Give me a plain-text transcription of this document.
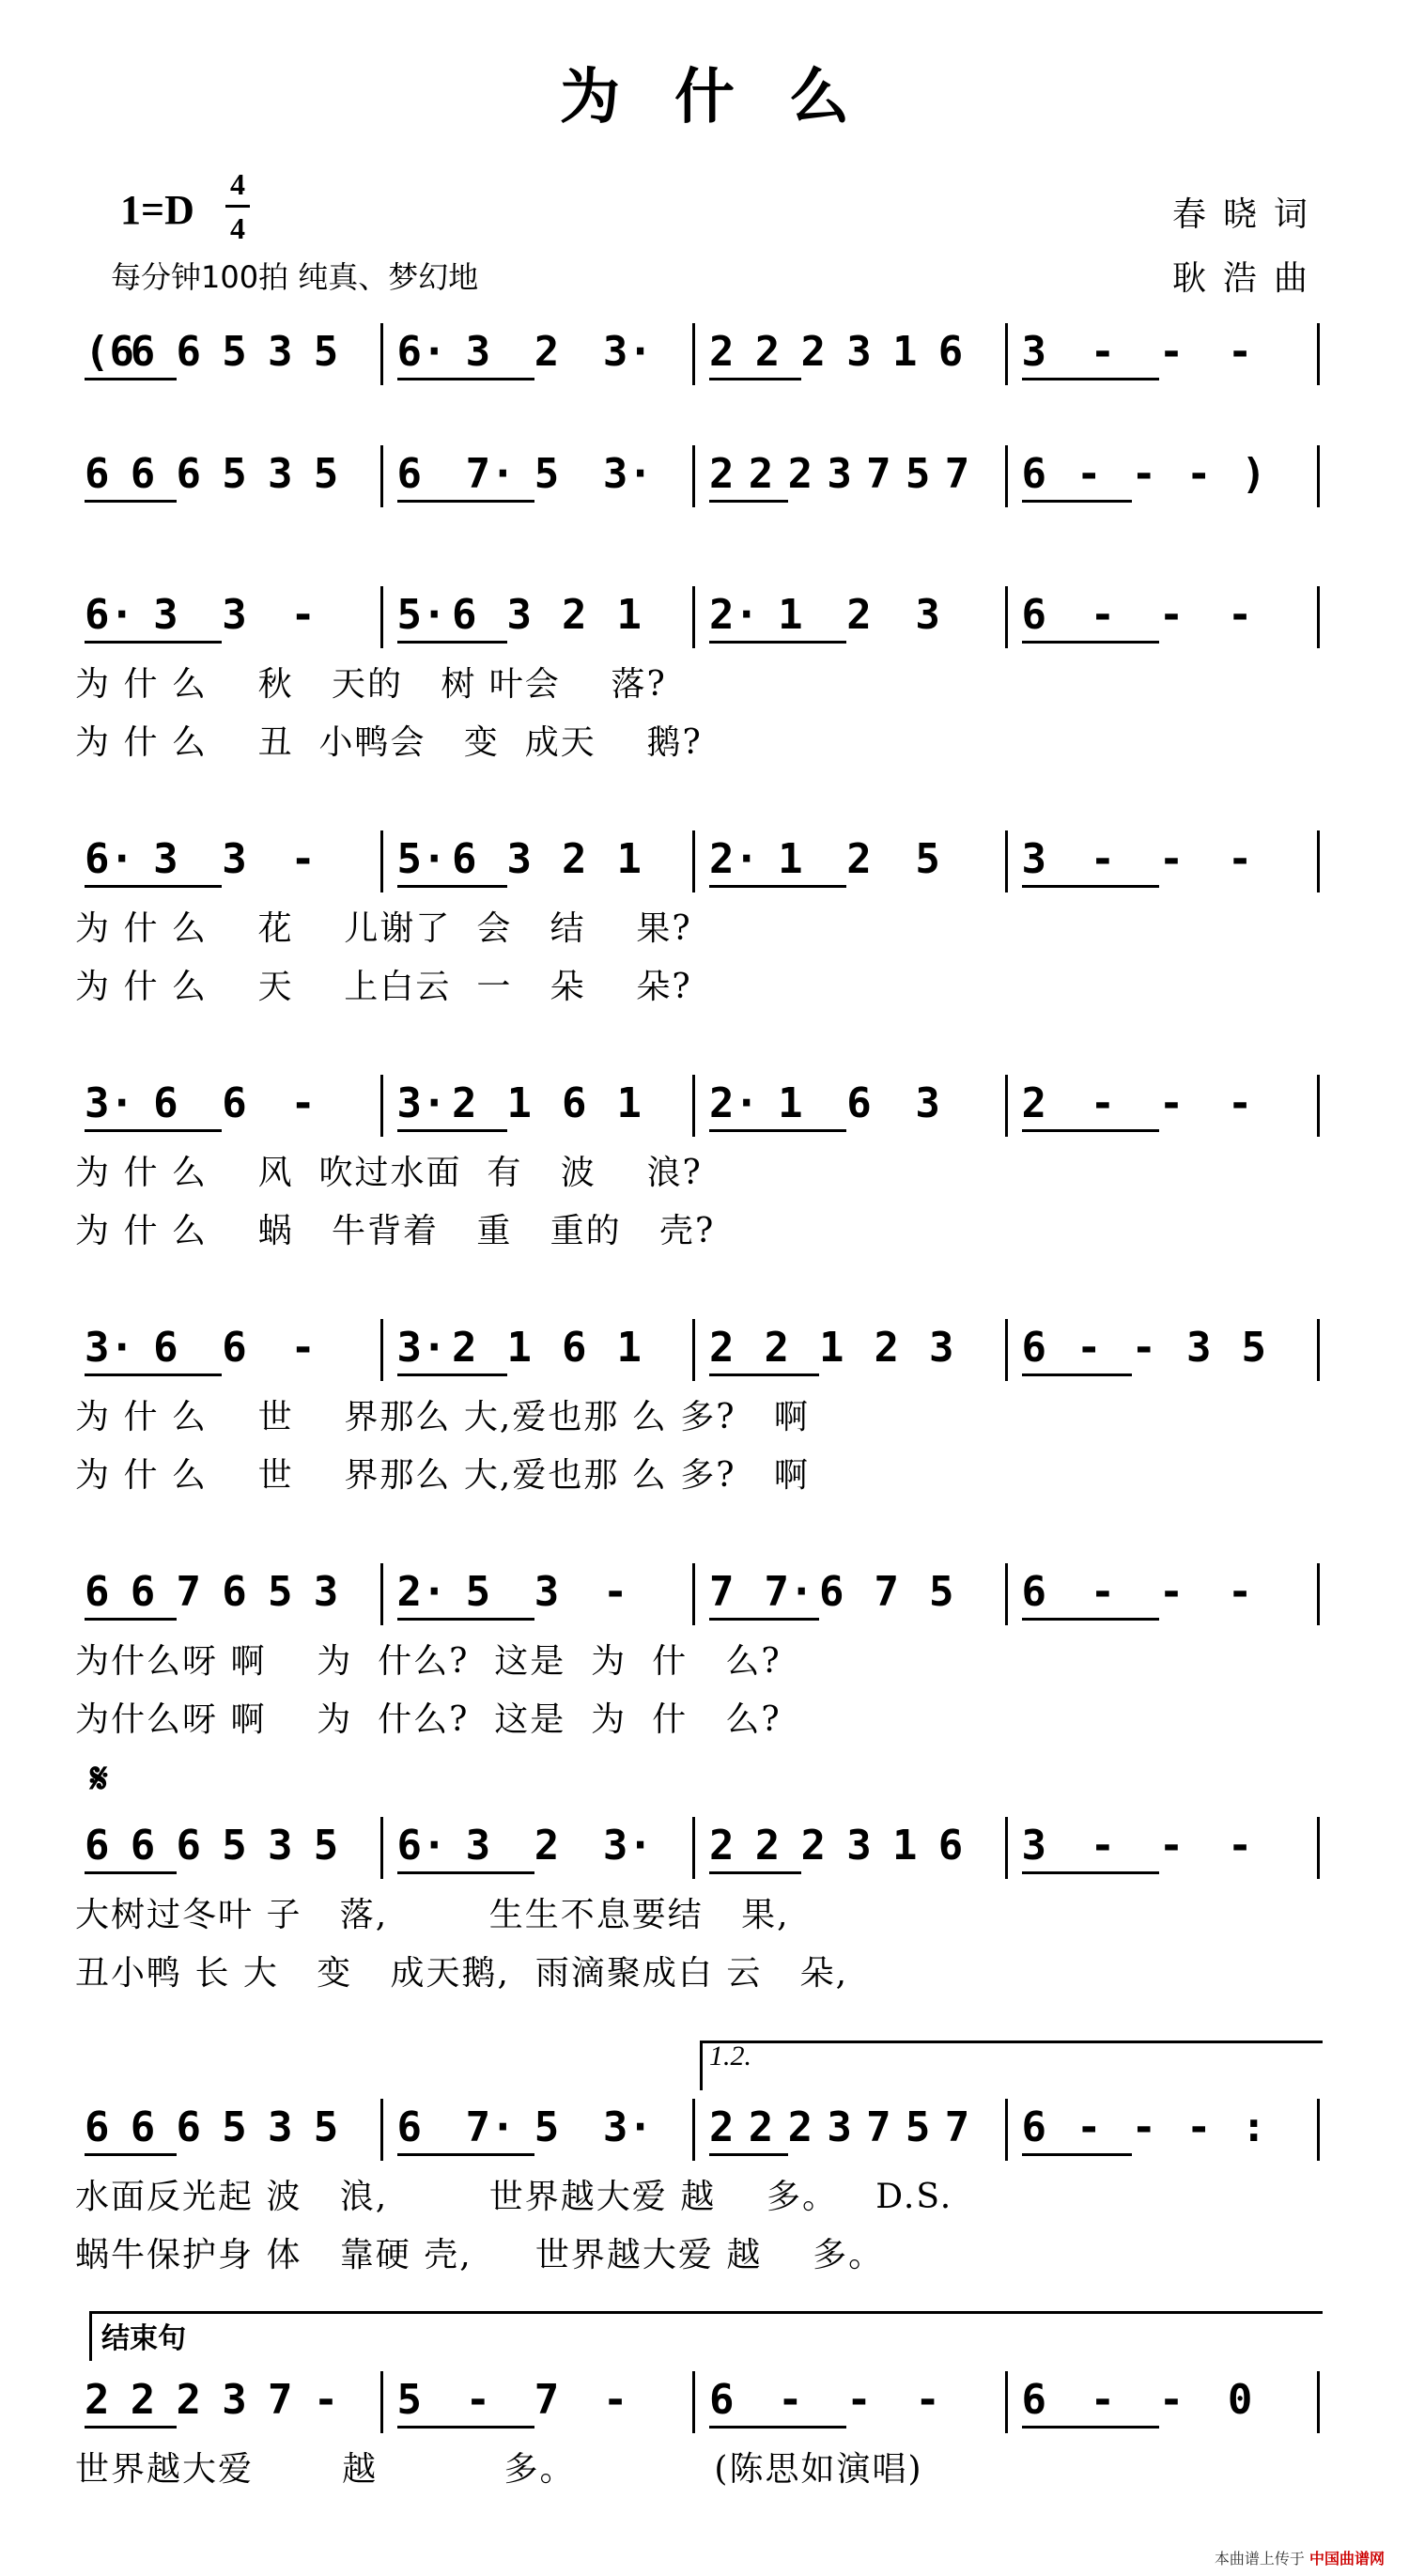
为什么
1=D
4
4
每分钟100拍 纯真、梦幻地
春晓词
耿浩曲
(6
6 6 5 3 5 6· 3 2 3· 2 2 2 3 1 6 3 - - -
6 6 6 5 3 5 6 7· 5 3· 2 2 2 3 7 5 7 6 - - - )
6· 3 3 - 5· 6 3 2 1 2· 1 2 3 6 - - -
为 什 么    秋   天的   树 叶会    落?
为 什 么    丑  小鸭会   变  成天    鹅?
6· 3 3 - 5· 6 3 2 1 2· 1 2 5 3 - - -
为 什 么    花    儿谢了  会   结    果?
为 什 么    天    上白云  一   朵    朵?
3· 6 6 - 3· 2 1 6 1 2· 1 6 3 2 - - -
为 什 么    风  吹过水面  有   波    浪?
为 什 么    蜗   牛背着   重   重的   壳?
3· 6 6 - 3· 2 1 6 1 2 2 1 2 3 6 - - 3 5
为 什 么    世    界那么 大,爱也那 么 多?   啊
为 什 么    世    界那么 大,爱也那 么 多?   啊
6 6 7 6 5 3 2· 5 3 - 7 7· 6 7 5 6 - - -
为什么呀 啊    为  什么?  这是  为  什   么?
为什么呀 啊    为  什么?  这是  为  什   么?
6 6 6 5 3 5 6· 3 2 3· 2 2 2 3 1 6 3 - - -
大树过冬叶 子   落,        生生不息要结   果,
丑小鸭 长 大   变   成天鹅,  雨滴聚成白 云   朵,
𝄋
6 6 6 5 3 5 6 7· 5 3· 2 2 2 3 7 5 7 6 - - - :
水面反光起 波   浪,        世界越大爱 越    多。   D.S.
蜗牛保护身 体   靠硬 壳,     世界越大爱 越    多。
1.2.
2 2 2 3 7 - 5 - 7 - 6 - - - 6 - - 0
世界越大爱       越          多。           (陈思如演唱)
结束句
本曲谱上传于 中国曲谱网
